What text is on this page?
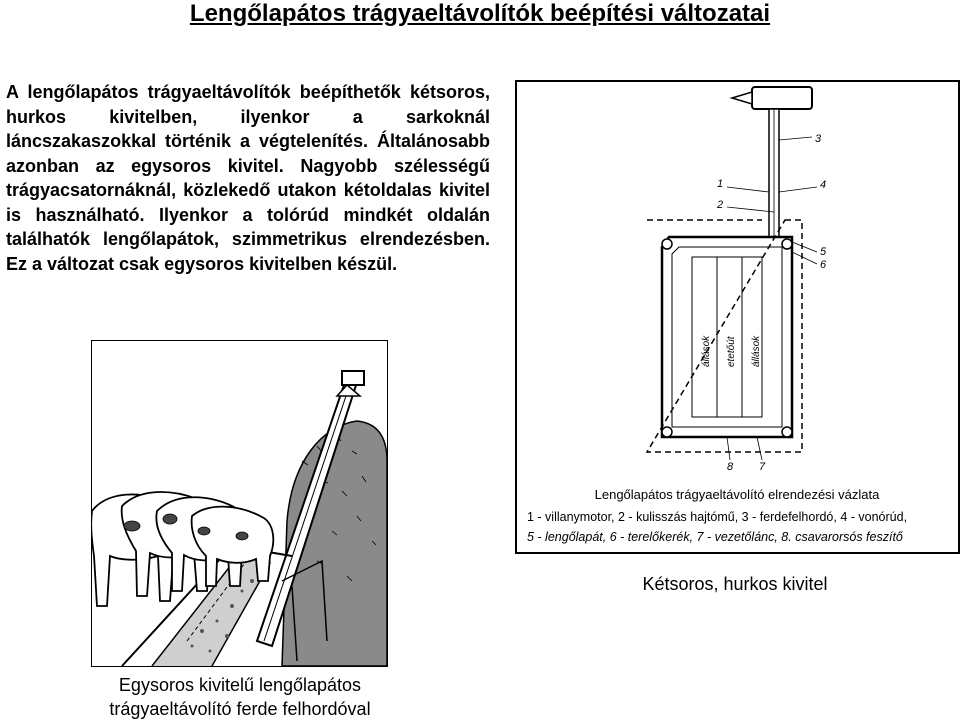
Lengőlapátos trágyaeltávolítók beépítési változatai
A lengőlapátos trágyaeltávolítók beépíthetők kétsoros, hurkos kivitelben, ilyenkor a sarkoknál láncszakaszokkal történik a végtelenítés. Általánosabb azonban az egysoros kivitel. Nagyobb szélességű trágyacsatornáknál, közlekedő utakon kétoldalas kivitel is használható. Ilyenkor a tolórúd mindkét oldalán találhatók lengőlapátok, szimmetrikus elrendezésben. Ez a változat csak egysoros kivitelben készül.
Egysoros kivitelű lengőlapátos
trágyaeltávolító ferde felhordóval
3
1	4
2
5
6
8 7
állások etetőút állások
Lengőlapátos trágyaeltávolító elrendezési vázlata
1 - villanymotor, 2 - kulisszás hajtómű, 3 - ferdefelhordó, 4 - vonórúd,
5 - lengőlapát, 6 - terelőkerék, 7 - vezetőlánc, 8. csavarorsós feszítő
Kétsoros, hurkos kivitel
